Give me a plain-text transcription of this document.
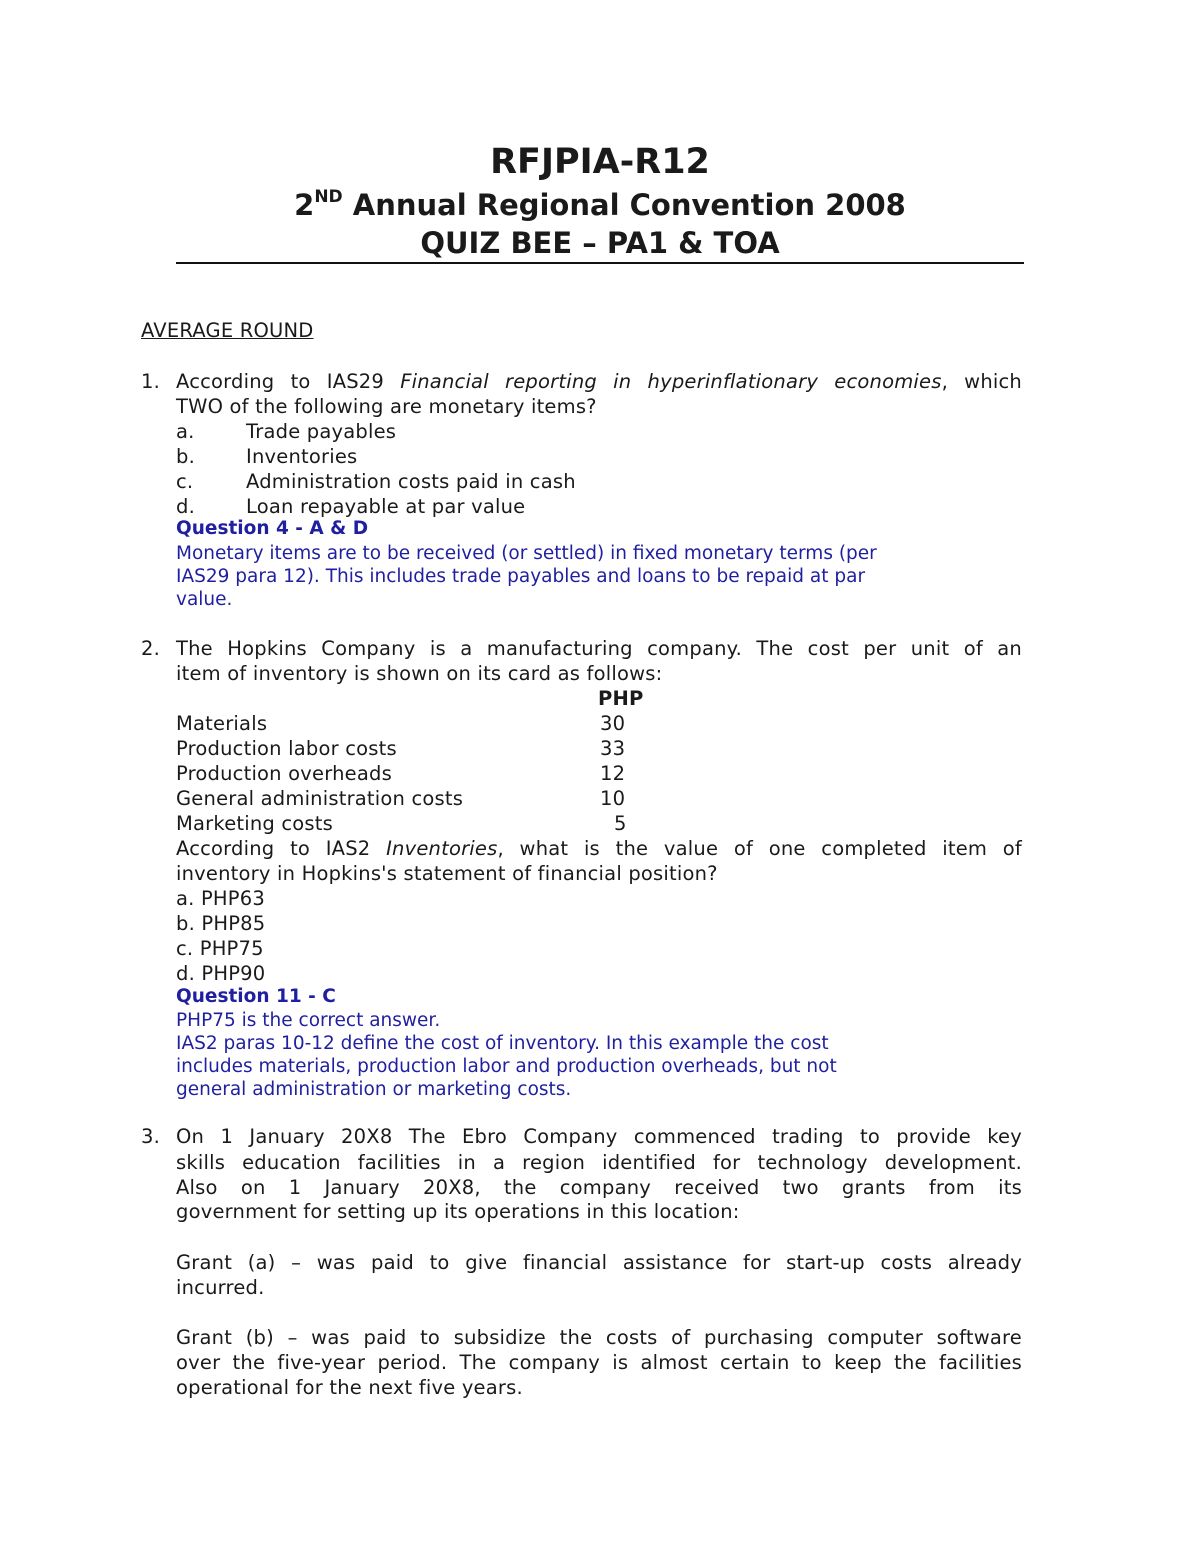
RFJPIA-R12
2ND Annual Regional Convention 2008
QUIZ BEE – PA1 & TOA
AVERAGE ROUND
1. According to IAS29 Financial reporting in hyperinflationary economies, which
TWO of the following are monetary items?
a.	Trade payables
b.	Inventories
c.	Administration costs paid in cash
d.	Loan repayable at par value
Question 4 - A & D
Monetary items are to be received (or settled) in fixed monetary terms (per
IAS29 para 12). This includes trade payables and loans to be repaid at par
value.
2. The Hopkins Company is a manufacturing company. The cost per unit of an
item of inventory is shown on its card as follows:
PHP
Materials	30
Production labor costs	33
Production overheads	12
General administration costs	10
Marketing costs	5
According to IAS2 Inventories, what is the value of one completed item of
inventory in Hopkins's statement of financial position?
a. PHP63
b. PHP85
c. PHP75
d. PHP90
Question 11 - C
PHP75 is the correct answer.
IAS2 paras 10-12 define the cost of inventory. In this example the cost
includes materials, production labor and production overheads, but not
general administration or marketing costs.
3. On 1 January 20X8 The Ebro Company commenced trading to provide key
skills education facilities in a region identified for technology development.
Also on 1 January 20X8, the company received two grants from its
government for setting up its operations in this location:
Grant (a) – was paid to give financial assistance for start-up costs already
incurred.
Grant (b) – was paid to subsidize the costs of purchasing computer software
over the five-year period. The company is almost certain to keep the facilities
operational for the next five years.
